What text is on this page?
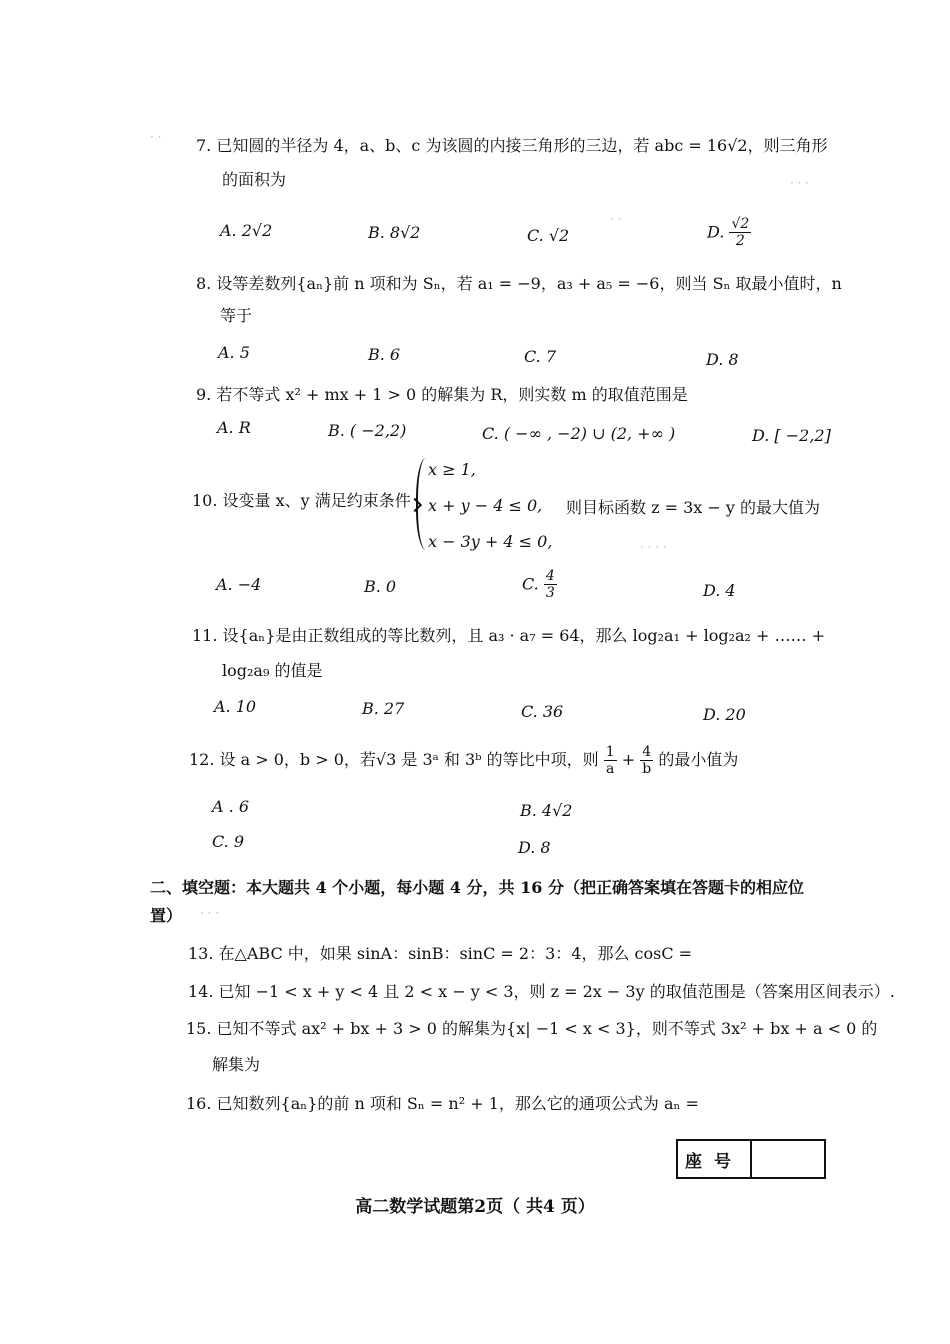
7. 已知圆的半径为 4，a、b、c 为该圆的内接三角形的三边，若 abc = 16√2，则三角形
的面积为
A. 2√2	B. 8√2	C. √2	D. $\frac{√2}{2}$
8. 设等差数列{aₙ}前 n 项和为 Sₙ，若 a₁ = −9，a₃ + a₅ = −6，则当 Sₙ 取最小值时，n
等于
A. 5	B. 6	C. 7	D. 8
9. 若不等式 x² + mx + 1 > 0 的解集为 R，则实数 m 的取值范围是
A. R	B. ( −2,2)	C. ( −∞ , −2) ∪ (2, +∞ )	D. [ −2,2]
10. 设变量 x、y 满足约束条件
x ≥ 1,
x + y − 4 ≤ 0,
x − 3y + 4 ≤ 0,
则目标函数 z = 3x − y 的最大值为
A. −4	B. 0	C. $\frac{4}{3}$	D. 4
11. 设{aₙ}是由正数组成的等比数列，且 a₃ · a₇ = 64，那么 log₂a₁ + log₂a₂ + …… +
log₂a₉ 的值是
A. 10	B. 27	C. 36	D. 20
12. 设 a > 0，b > 0，若√3 是 3ᵃ 和 3ᵇ 的等比中项，则 $\frac{1}{a} + \frac{4}{b}$ 的最小值为
A . 6	B. 4√2
C. 9	D. 8
二、填空题：本大题共 4 个小题，每小题 4 分，共 16 分（把正确答案填在答题卡的相应位
置）
13. 在△ABC 中，如果 sinA：sinB：sinC = 2：3：4，那么 cosC =
14. 已知 −1 < x + y < 4 且 2 < x − y < 3，则 z = 2x − 3y 的取值范围是（答案用区间表示）.
15. 已知不等式 ax² + bx + 3 > 0 的解集为{x| −1 < x < 3}，则不等式 3x² + bx + a < 0 的
解集为
16. 已知数列{aₙ}的前 n 项和 Sₙ = n² + 1，那么它的通项公式为 aₙ =
座号
高二数学试题第2页（ 共4 页）
· ·
· · ·
· ·
· · · ·
· · ·
